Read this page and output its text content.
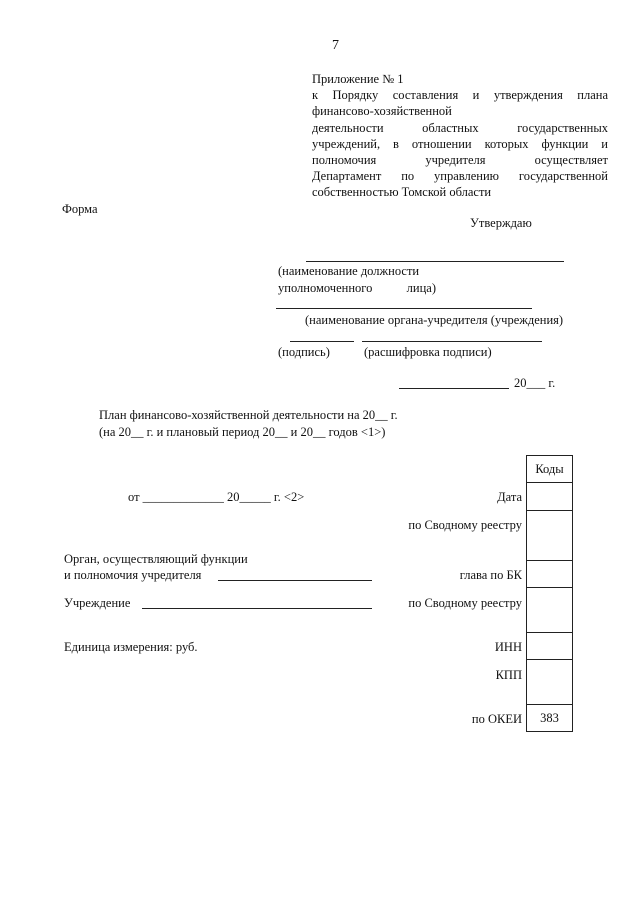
7
Приложение № 1
к Порядку составления и утверждения плана
финансово-хозяйственной
деятельности областных государственных
учреждений, в отношении которых функции и
полномочия учредителя осуществляет
Департамент по управлению государственной
собственностью Томской области
Форма
Утверждаю
(наименование должности
уполномоченного лица)
(наименование органа-учредителя (учреждения)
(подпись)	(расшифровка подписи)
20___ г.
План финансово-хозяйственной деятельности на 20__ г.
(на 20__ г. и плановый период 20__ и 20__ годов <1>)
от _____________ 20_____ г. <2>
Орган, осуществляющий функции
и полномочия учредителя
Учреждение
Единица измерения: руб.
Дата
по Сводному реестру
глава по БК
по Сводному реестру
ИНН
КПП
по ОКЕИ
Коды
383
